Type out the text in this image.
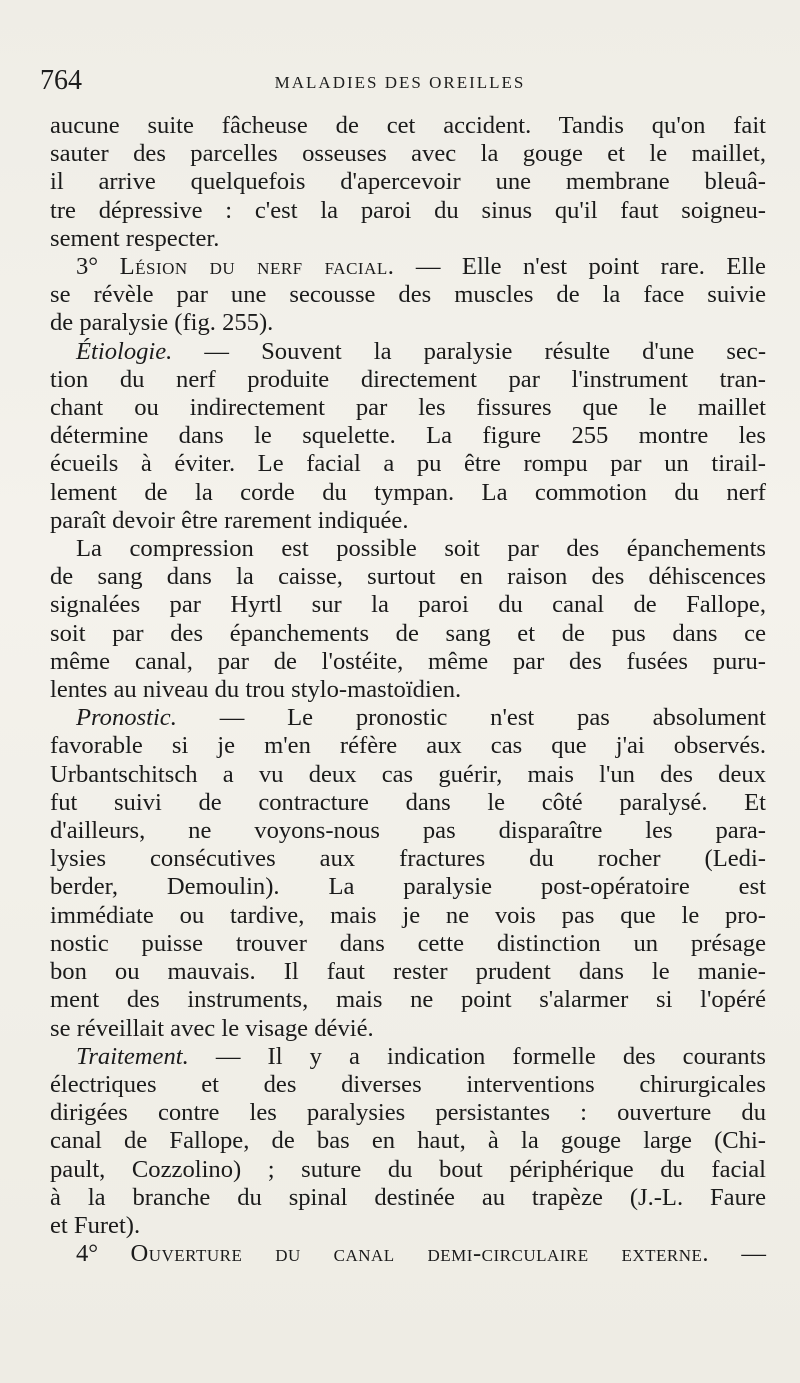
764	MALADIES DES OREILLES

aucune suite fâcheuse de cet accident. Tandis qu'on fait

sauter des parcelles osseuses avec la gouge et le maillet,

il arrive quelquefois d'apercevoir une membrane bleuâ-

tre dépressive : c'est la paroi du sinus qu'il faut soigneu-

sement respecter.

3° Lésion du nerf facial. — Elle n'est point rare. Elle

se révèle par une secousse des muscles de la face suivie

de paralysie (fig. 255).

Étiologie. — Souvent la paralysie résulte d'une sec-

tion du nerf produite directement par l'instrument tran-

chant ou indirectement par les fissures que le maillet

détermine dans le squelette. La figure 255 montre les

écueils à éviter. Le facial a pu être rompu par un tirail-

lement de la corde du tympan. La commotion du nerf

paraît devoir être rarement indiquée.

La compression est possible soit par des épanchements

de sang dans la caisse, surtout en raison des déhiscences

signalées par Hyrtl sur la paroi du canal de Fallope,

soit par des épanchements de sang et de pus dans ce

même canal, par de l'ostéite, même par des fusées puru-

lentes au niveau du trou stylo-mastoïdien.

Pronostic. — Le pronostic n'est pas absolument

favorable si je m'en réfère aux cas que j'ai observés.

Urbantschitsch a vu deux cas guérir, mais l'un des deux

fut suivi de contracture dans le côté paralysé. Et

d'ailleurs, ne voyons-nous pas disparaître les para-

lysies consécutives aux fractures du rocher (Ledi-

berder, Demoulin). La paralysie post-opératoire est

immédiate ou tardive, mais je ne vois pas que le pro-

nostic puisse trouver dans cette distinction un présage

bon ou mauvais. Il faut rester prudent dans le manie-

ment des instruments, mais ne point s'alarmer si l'opéré

se réveillait avec le visage dévié.

Traitement. — Il y a indication formelle des courants

électriques et des diverses interventions chirurgicales

dirigées contre les paralysies persistantes : ouverture du

canal de Fallope, de bas en haut, à la gouge large (Chi-

pault, Cozzolino) ; suture du bout périphérique du facial

à la branche du spinal destinée au trapèze (J.-L. Faure

et Furet).

4° Ouverture du canal demi-circulaire externe. —
